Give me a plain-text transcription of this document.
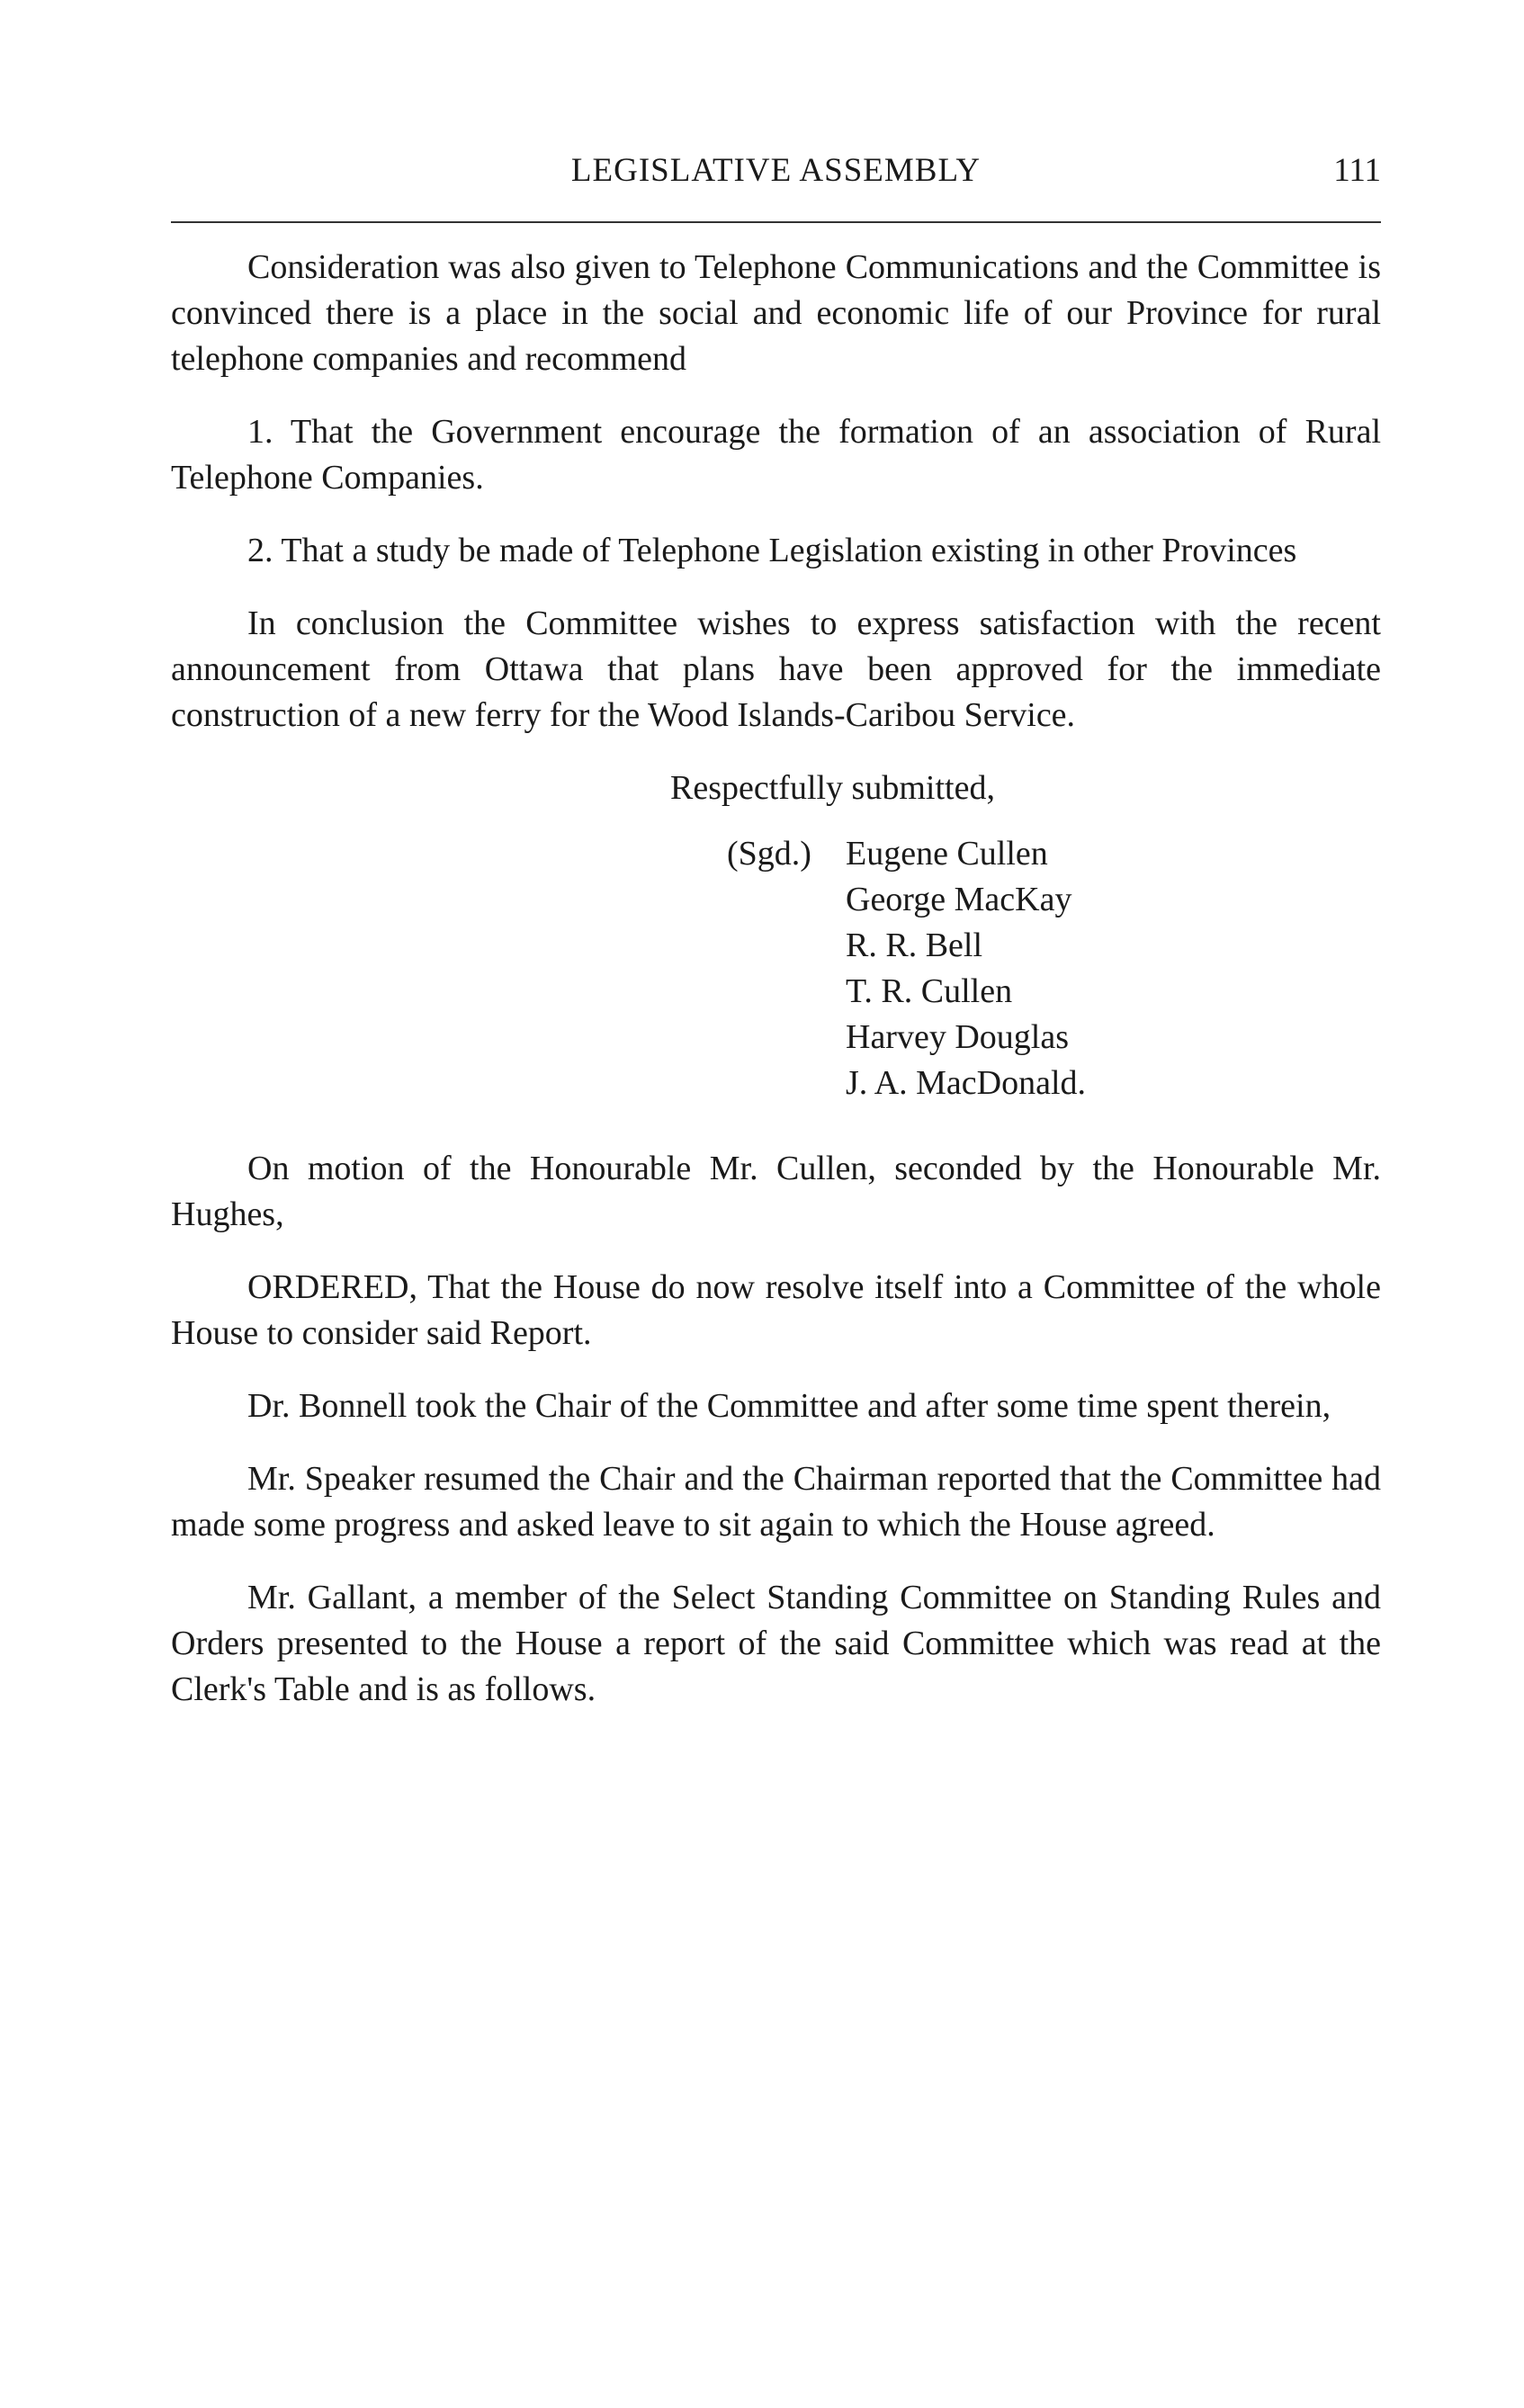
LEGISLATIVE ASSEMBLY	111

Consideration was also given to Telephone Communications and the Committee is convinced there is a place in the social and economic life of our Province for rural telephone companies and recommend

1. That the Government encourage the formation of an association of Rural Telephone Companies.

2. That a study be made of Telephone Legislation existing in other Provinces

In conclusion the Committee wishes to express satisfaction with the recent announcement from Ottawa that plans have been approved for the immediate construction of a new ferry for the Wood Islands-Caribou Service.

Respectfully submitted,
(Sgd.)	Eugene Cullen
George MacKay
R. R. Bell
T. R. Cullen
Harvey Douglas
J. A. MacDonald.

On motion of the Honourable Mr. Cullen, seconded by the Honourable Mr. Hughes,

ORDERED, That the House do now resolve itself into a Committee of the whole House to consider said Report.

Dr. Bonnell took the Chair of the Committee and after some time spent therein,

Mr. Speaker resumed the Chair and the Chairman reported that the Committee had made some progress and asked leave to sit again to which the House agreed.

Mr. Gallant, a member of the Select Standing Committee on Standing Rules and Orders presented to the House a report of the said Committee which was read at the Clerk's Table and is as follows.
